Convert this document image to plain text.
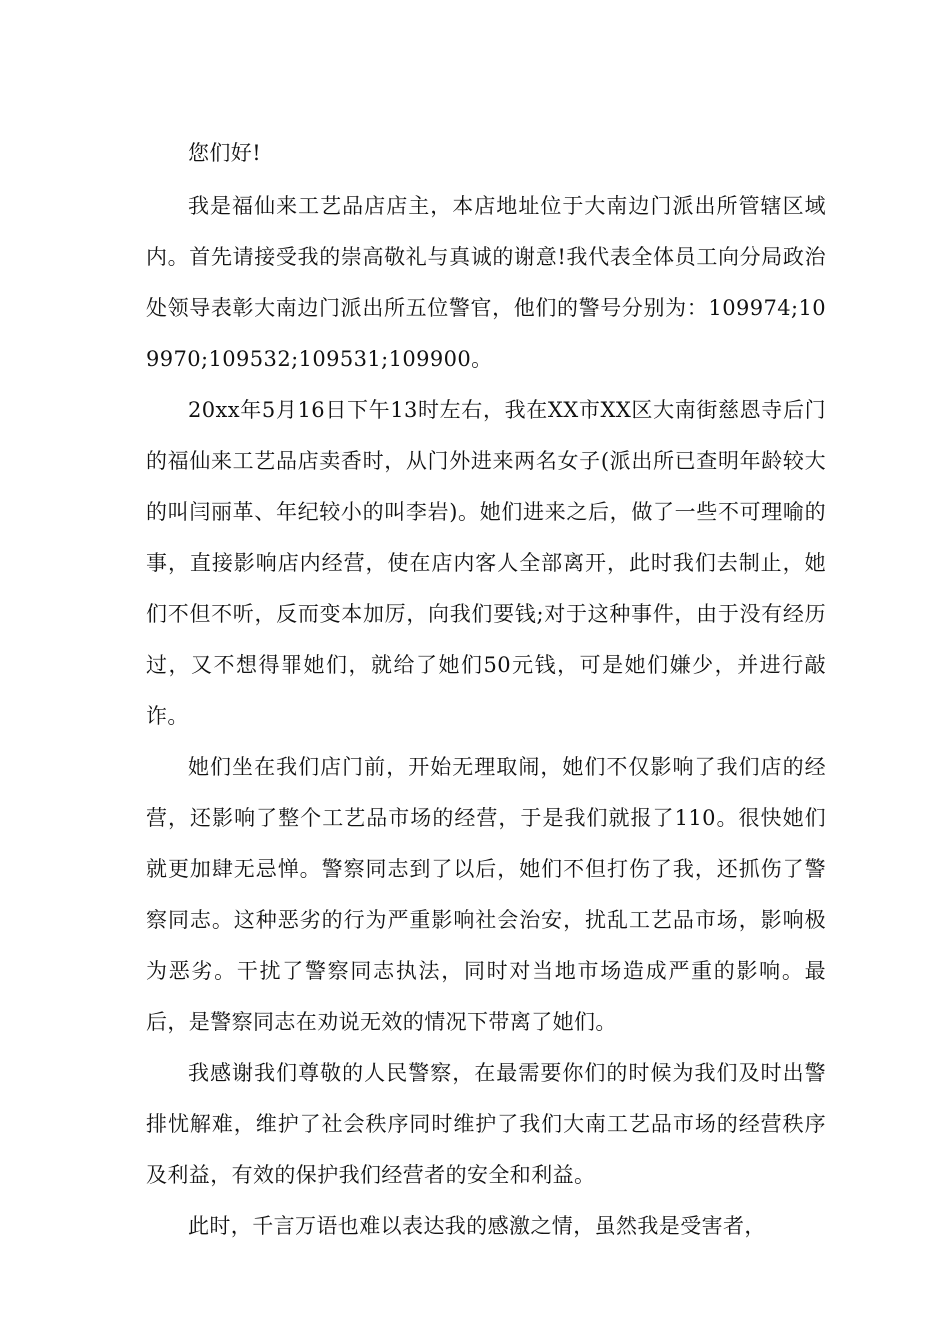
您们好!

我是福仙来工艺品店店主，本店地址位于大南边门派出所管辖区域内。首先请接受我的崇高敬礼与真诚的谢意!我代表全体员工向分局政治处领导表彰大南边门派出所五位警官，他们的警号分别为：109974;109970;109532;109531;109900。

20xx年5月16日下午13时左右，我在XX市XX区大南街慈恩寺后门的福仙来工艺品店卖香时，从门外进来两名女子(派出所已查明年龄较大的叫闫丽革、年纪较小的叫李岩)。她们进来之后，做了一些不可理喻的事，直接影响店内经营，使在店内客人全部离开，此时我们去制止，她们不但不听，反而变本加厉，向我们要钱;对于这种事件，由于没有经历过，又不想得罪她们，就给了她们50元钱，可是她们嫌少，并进行敲诈。

她们坐在我们店门前，开始无理取闹，她们不仅影响了我们店的经营，还影响了整个工艺品市场的经营，于是我们就报了110。很快她们就更加肆无忌惮。警察同志到了以后，她们不但打伤了我，还抓伤了警察同志。这种恶劣的行为严重影响社会治安，扰乱工艺品市场，影响极为恶劣。干扰了警察同志执法，同时对当地市场造成严重的影响。最后，是警察同志在劝说无效的情况下带离了她们。

我感谢我们尊敬的人民警察，在最需要你们的时候为我们及时出警排忧解难，维护了社会秩序同时维护了我们大南工艺品市场的经营秩序及利益，有效的保护我们经营者的安全和利益。

此时，千言万语也难以表达我的感激之情，虽然我是受害者，
